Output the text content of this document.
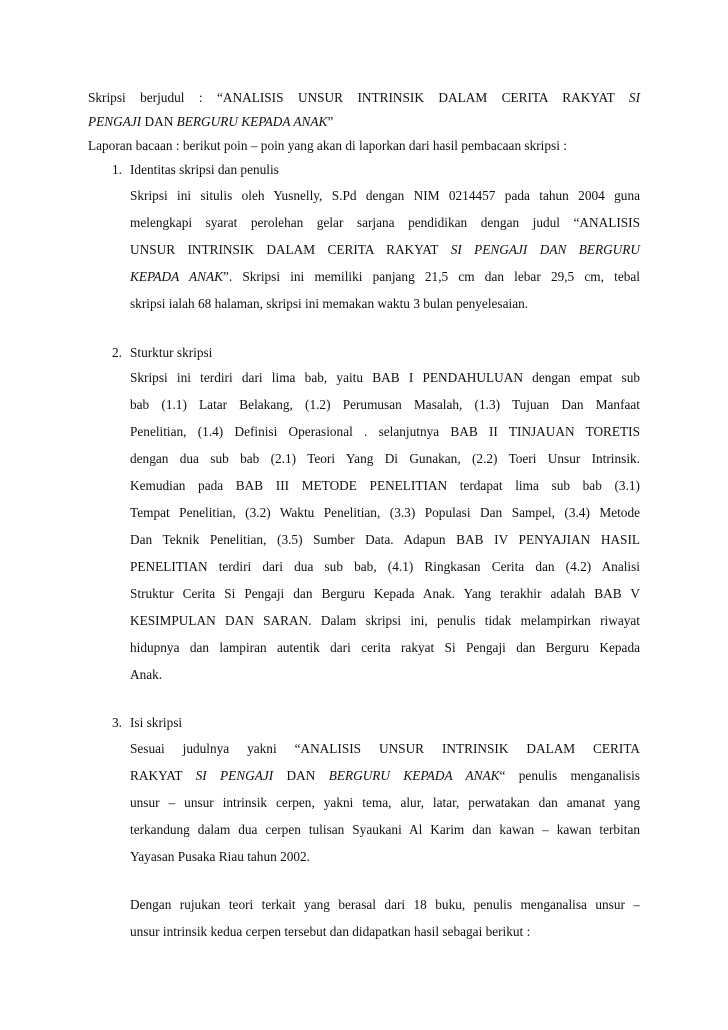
Skripsi berjudul : “ANALISIS UNSUR INTRINSIK DALAM CERITA RAKYAT SI
PENGAJI DAN BERGURU KEPADA ANAK”
Laporan bacaan : berikut poin – poin yang akan di laporkan dari hasil pembacaan skripsi :
1. Identitas skripsi dan penulis
Skripsi ini situlis oleh Yusnelly, S.Pd dengan NIM 0214457 pada tahun 2004 guna
melengkapi syarat perolehan gelar sarjana pendidikan dengan judul “ANALISIS
UNSUR INTRINSIK DALAM CERITA RAKYAT SI PENGAJI DAN BERGURU
KEPADA ANAK”. Skripsi ini memiliki panjang 21,5 cm dan lebar 29,5 cm, tebal
skripsi ialah 68 halaman, skripsi ini memakan waktu 3 bulan penyelesaian.
2. Sturktur skripsi
Skripsi ini terdiri dari lima bab, yaitu BAB I PENDAHULUAN dengan empat sub
bab (1.1) Latar Belakang, (1.2) Perumusan Masalah, (1.3) Tujuan Dan Manfaat
Penelitian, (1.4) Definisi Operasional . selanjutnya BAB II TINJAUAN TORETIS
dengan dua sub bab (2.1) Teori Yang Di Gunakan, (2.2) Toeri Unsur Intrinsik.
Kemudian pada BAB III METODE PENELITIAN terdapat lima sub bab (3.1)
Tempat Penelitian, (3.2) Waktu Penelitian, (3.3) Populasi Dan Sampel, (3.4) Metode
Dan Teknik Penelitian, (3.5) Sumber Data. Adapun BAB IV PENYAJIAN HASIL
PENELITIAN terdiri dari dua sub bab, (4.1) Ringkasan Cerita dan (4.2) Analisi
Struktur Cerita Si Pengaji dan Berguru Kepada Anak. Yang terakhir adalah BAB V
KESIMPULAN DAN SARAN. Dalam skripsi ini, penulis tidak melampirkan riwayat
hidupnya dan lampiran autentik dari cerita rakyat Si Pengaji dan Berguru Kepada
Anak.
3. Isi skripsi
Sesuai judulnya yakni “ANALISIS UNSUR INTRINSIK DALAM CERITA
RAKYAT SI PENGAJI DAN BERGURU KEPADA ANAK“ penulis menganalisis
unsur – unsur intrinsik cerpen, yakni tema, alur, latar, perwatakan dan amanat yang
terkandung dalam dua cerpen tulisan Syaukani Al Karim dan kawan – kawan terbitan
Yayasan Pusaka Riau tahun 2002.
Dengan rujukan teori terkait yang berasal dari 18 buku, penulis menganalisa unsur –
unsur intrinsik kedua cerpen tersebut dan didapatkan hasil sebagai berikut :
